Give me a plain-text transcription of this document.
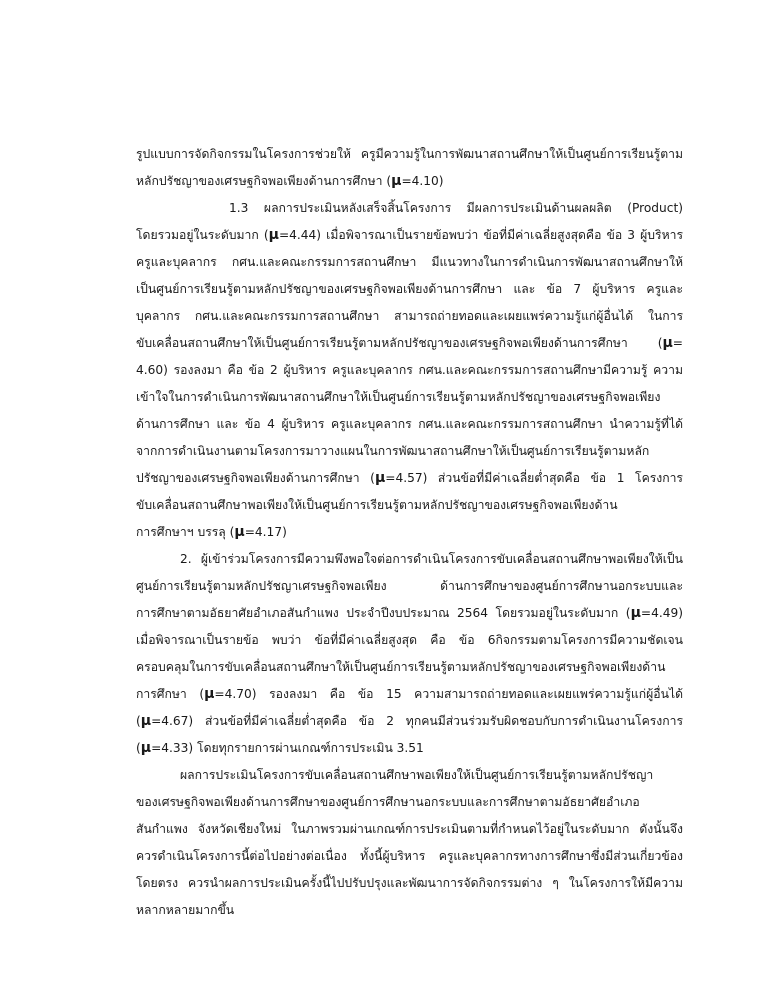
รูปแบบการจัดกิจกรรมในโครงการช่วยให้ ครูมีความรู้ในการพัฒนาสถานศึกษาให้เป็นศูนย์การเรียนรู้ตาม
หลักปรัชญาของเศรษฐกิจพอเพียงด้านการศึกษา (μ=4.10)
1.3 ผลการประเมินหลังเสร็จสิ้นโครงการ มีผลการประเมินด้านผลผลิต (Product)
โดยรวมอยู่ในระดับมาก (μ=4.44) เมื่อพิจารณาเป็นรายข้อพบว่า ข้อที่มีค่าเฉลี่ยสูงสุดคือ ข้อ 3 ผู้บริหาร
ครูและบุคลากร กศน.และคณะกรรมการสถานศึกษา มีแนวทางในการดำเนินการพัฒนาสถานศึกษาให้
เป็นศูนย์การเรียนรู้ตามหลักปรัชญาของเศรษฐกิจพอเพียงด้านการศึกษา และ ข้อ 7 ผู้บริหาร ครูและ
บุคลากร กศน.และคณะกรรมการสถานศึกษา สามารถถ่ายทอดและเผยแพร่ความรู้แก่ผู้อื่นได้ ในการ
ขับเคลื่อนสถานศึกษาให้เป็นศูนย์การเรียนรู้ตามหลักปรัชญาของเศรษฐกิจพอเพียงด้านการศึกษา (μ=
4.60) รองลงมา คือ ข้อ 2 ผู้บริหาร ครูและบุคลากร กศน.และคณะกรรมการสถานศึกษามีความรู้ ความ
เข้าใจในการดำเนินการพัฒนาสถานศึกษาให้เป็นศูนย์การเรียนรู้ตามหลักปรัชญาของเศรษฐกิจพอเพียง
ด้านการศึกษา และ ข้อ 4 ผู้บริหาร ครูและบุคลากร กศน.และคณะกรรมการสถานศึกษา นำความรู้ที่ได้
จากการดำเนินงานตามโครงการมาวางแผนในการพัฒนาสถานศึกษาให้เป็นศูนย์การเรียนรู้ตามหลัก
ปรัชญาของเศรษฐกิจพอเพียงด้านการศึกษา (μ=4.57) ส่วนข้อที่มีค่าเฉลี่ยต่ำสุดคือ ข้อ 1 โครงการ
ขับเคลื่อนสถานศึกษาพอเพียงให้เป็นศูนย์การเรียนรู้ตามหลักปรัชญาของเศรษฐกิจพอเพียงด้าน
การศึกษาฯ บรรลุ (μ=4.17)
2. ผู้เข้าร่วมโครงการมีความพึงพอใจต่อการดำเนินโครงการขับเคลื่อนสถานศึกษาพอเพียงให้เป็น
ศูนย์การเรียนรู้ตามหลักปรัชญาเศรษฐกิจพอเพียง ด้านการศึกษาของศูนย์การศึกษานอกระบบและ
การศึกษาตามอัธยาศัยอำเภอสันกำแพง ประจำปีงบประมาณ 2564 โดยรวมอยู่ในระดับมาก (μ=4.49)
เมื่อพิจารณาเป็นรายข้อ พบว่า ข้อที่มีค่าเฉลี่ยสูงสุด คือ ข้อ 6กิจกรรมตามโครงการมีความชัดเจน
ครอบคลุมในการขับเคลื่อนสถานศึกษาให้เป็นศูนย์การเรียนรู้ตามหลักปรัชญาของเศรษฐกิจพอเพียงด้าน
การศึกษา (μ=4.70) รองลงมา คือ ข้อ 15 ความสามารถถ่ายทอดและเผยแพร่ความรู้แก่ผู้อื่นได้
(μ=4.67) ส่วนข้อที่มีค่าเฉลี่ยต่ำสุดคือ ข้อ 2 ทุกคนมีส่วนร่วมรับผิดชอบกับการดำเนินงานโครงการ
(μ=4.33) โดยทุกรายการผ่านเกณฑ์การประเมิน 3.51
ผลการประเมินโครงการขับเคลื่อนสถานศึกษาพอเพียงให้เป็นศูนย์การเรียนรู้ตามหลักปรัชญา
ของเศรษฐกิจพอเพียงด้านการศึกษาของศูนย์การศึกษานอกระบบและการศึกษาตามอัธยาศัยอำเภอ
สันกำแพง จังหวัดเชียงใหม่ ในภาพรวมผ่านเกณฑ์การประเมินตามที่กำหนดไว้อยู่ในระดับมาก ดังนั้นจึง
ควรดำเนินโครงการนี้ต่อไปอย่างต่อเนื่อง ทั้งนี้ผู้บริหาร ครูและบุคลากรทางการศึกษาซึ่งมีส่วนเกี่ยวข้อง
โดยตรง ควรนำผลการประเมินครั้งนี้ไปปรับปรุงและพัฒนาการจัดกิจกรรมต่าง ๆ ในโครงการให้มีความ
หลากหลายมากขึ้น
